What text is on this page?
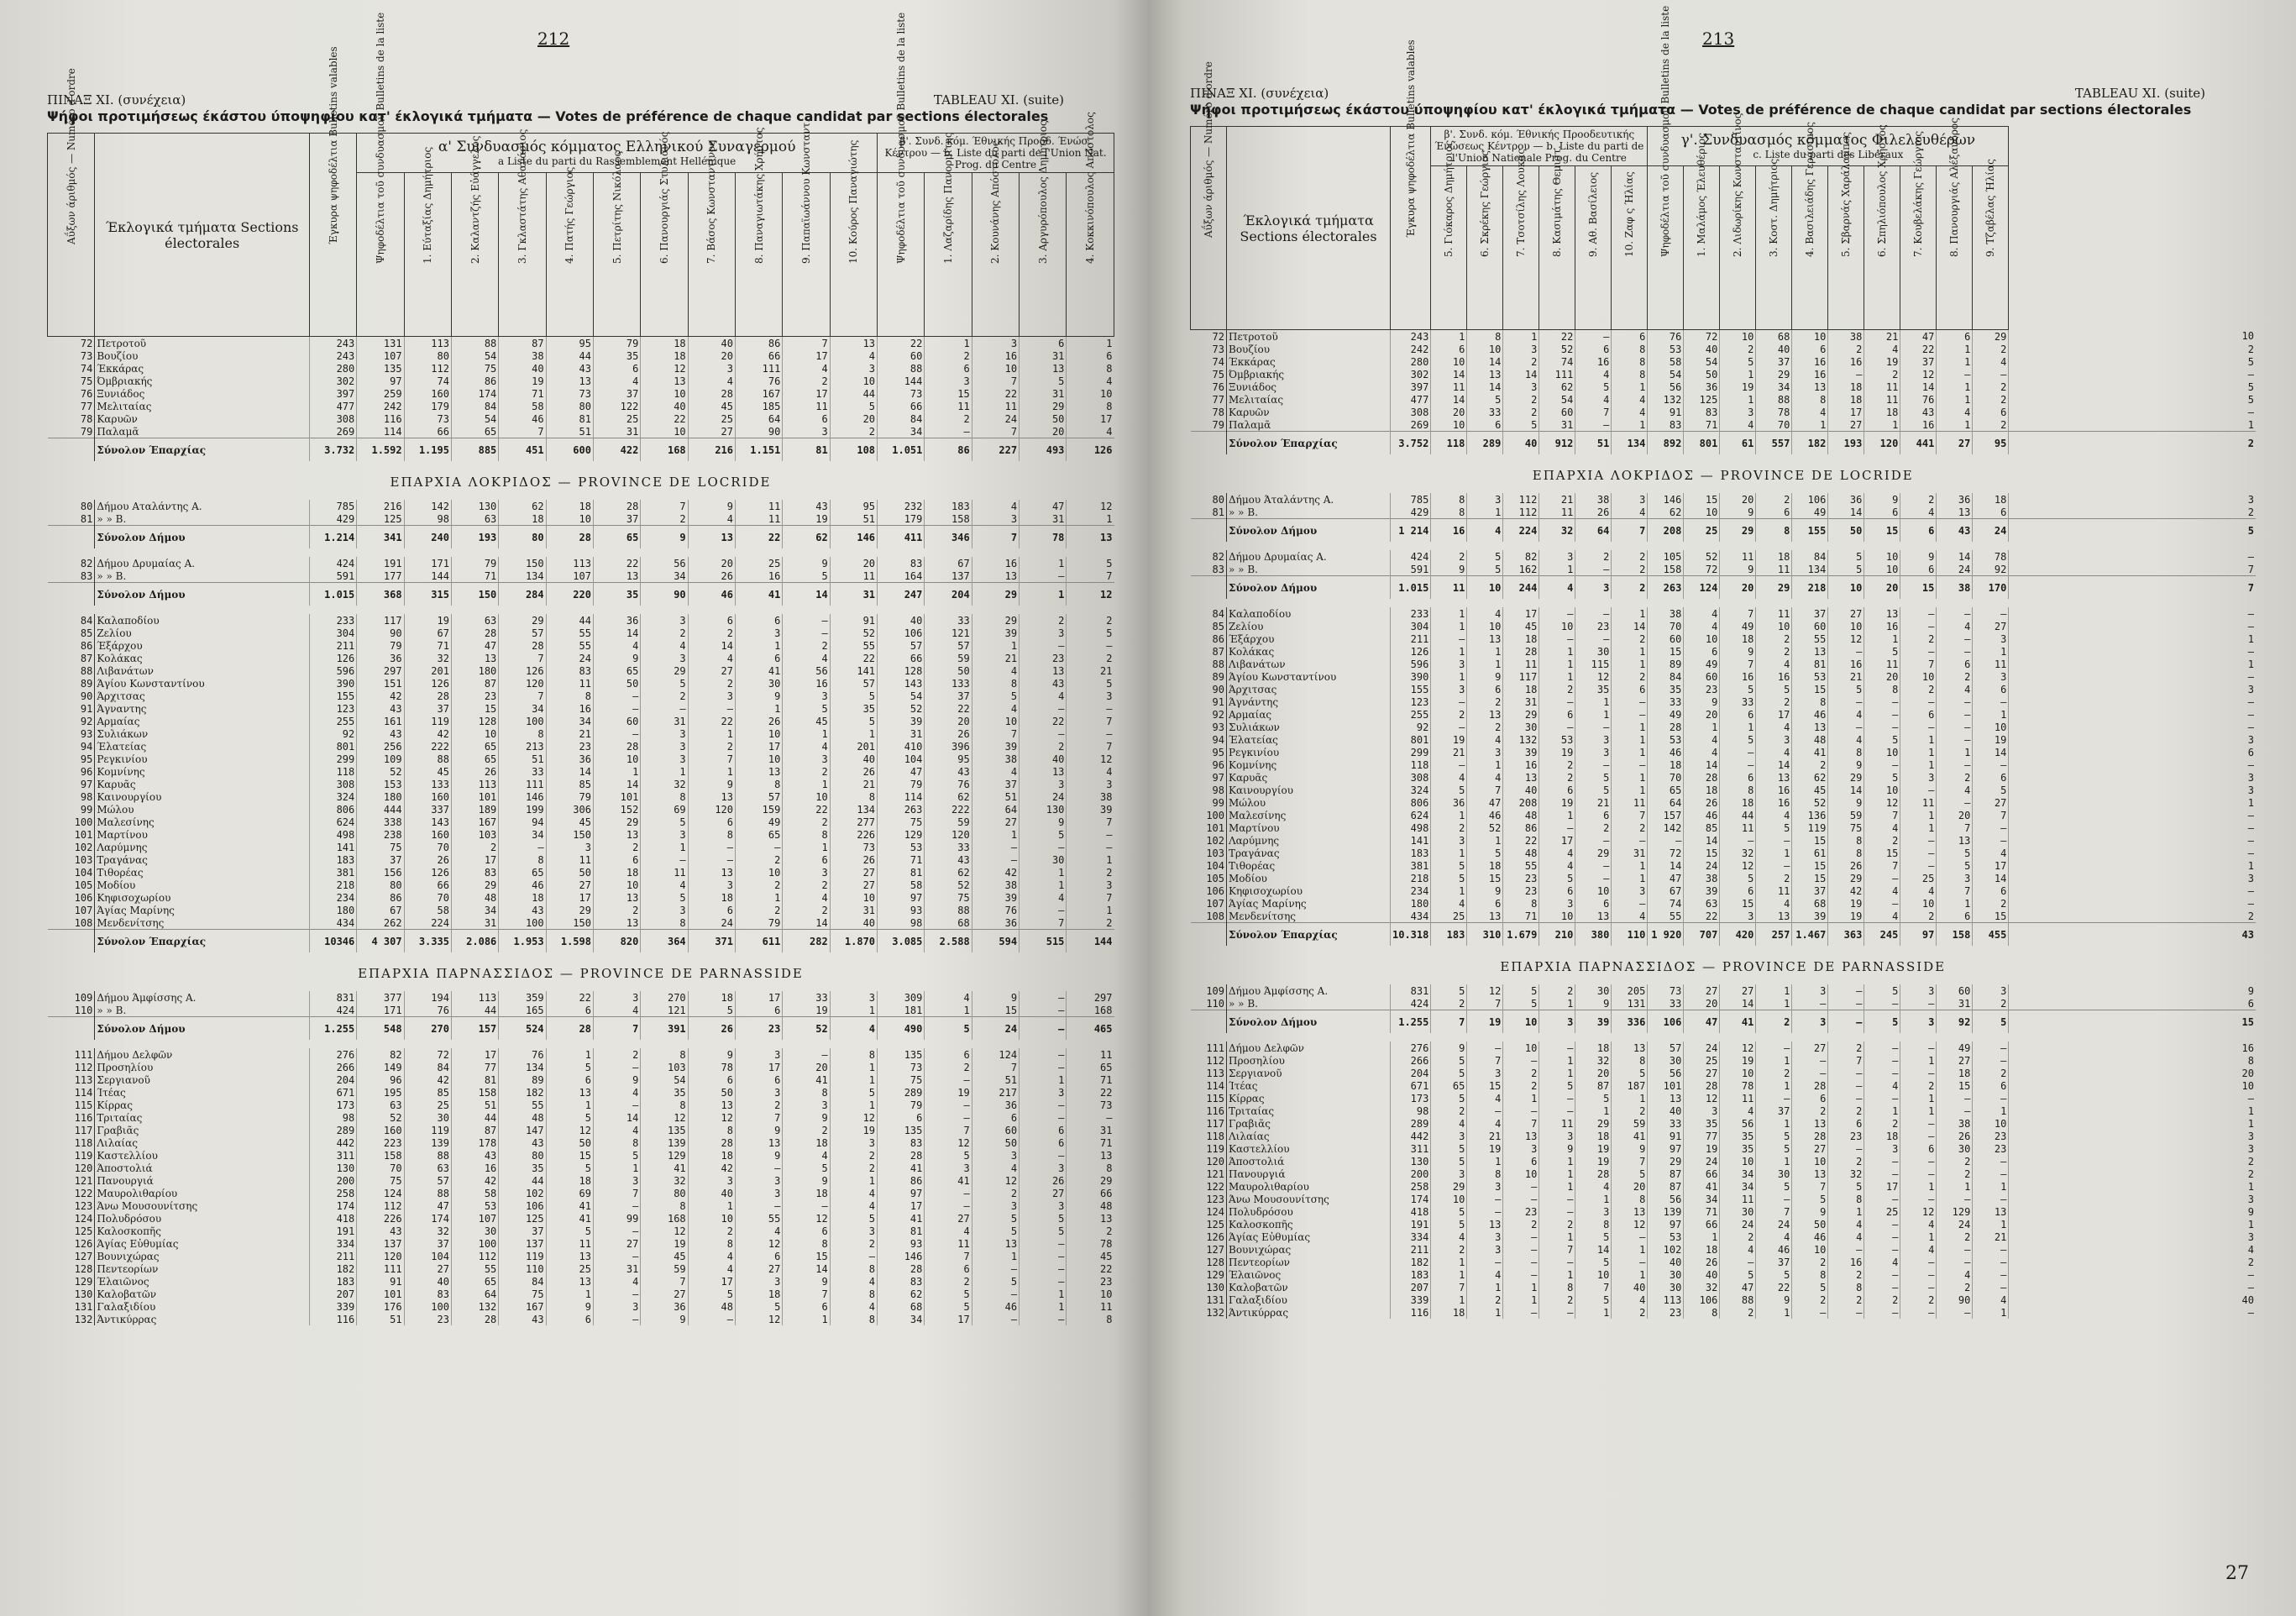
212
ΠΙΝΑΞ XI. (συνέχεια)	TABLEAU XI. (suite)
Ψήφοι προτιμήσεως έκάστου ύποψηφίου κατ' έκλογικά τμήματα — Votes de préférence de chaque candidat par sections électorales
Αΰξων άριθμός — Numéro d'ordre	Έκλογικά τμήματα Sections électorales	Έγκυρα ψηφοδέλτια Bulletins valables	α' Συνδυασμός κόμματος Ελληνικού Συναγερμού
a Liste du parti du Rassemblement Hellénique											β'. Συνδ. κόμ. Έθνικής Προοδ. Ένώσ. Κέντρου — b. Liste du parti de l'Union Nat. Prog. du Centre				

			Ψηφοδέλτια τοῦ συνδυασμοῦ Bulletins de la liste	1. Εύταξίας Δημήτριος	2. Καλαντζής Εὐάγγελος	3. Γκλαστάτης Αθανάσιος	4. Πατής Γεώργιος	5. Πετρίτης Νικόλαος	6. Πανουργιάς Στυλιανός	7. Βάσος Κωνσταντίνος	8. Παναγιωτάκης Χρήστος	9. Παπαϊωάννου Κωνσταντ.	10. Κούρος Παναγιώτης	Ψηφοδέλτια τοῦ συνδυασμοῦ Bulletins de la liste	1. Λαζαρίδης Πανορμίτης	2. Κουνάνης Απόστολος	3. Αργυρόπουλος Δημήτριος	4. Κοκκινόπουλος Απόστολος
72	Πετροτοῦ	243	131	113	88	87	95	79	18	40	86	7	13	22	1	3	6	1
73	Βουζίου	243	107	80	54	38	44	35	18	20	66	17	4	60	2	16	31	6
74	Έκκάρας	280	135	112	75	40	43	6	12	3	111	4	3	88	6	10	13	8
75	Όμβριακής	302	97	74	86	19	13	4	13	4	76	2	10	144	3	7	5	4
76	Ξυνιάδος	397	259	160	174	71	73	37	10	28	167	17	44	73	15	22	31	10
77	Μελιταίας	477	242	179	84	58	80	122	40	45	185	11	5	66	11	11	29	8
78	Καρυῶν	308	116	73	54	46	81	25	22	25	64	6	20	84	2	24	50	17
79	Παλαμᾶ	269	114	66	65	7	51	31	10	27	90	3	2	34	—	7	20	4
	Σύνολον Έπαρχίας	3.732	1.592	1.195	885	451	600	422	168	216	1.151	81	108	1.051	86	227	493	126
ΕΠΑΡΧΙΑ ΛΟΚΡΙΔΟΣ — PROVINCE DE LOCRIDE																		
80	Δήμου Αταλάντης Α.	785	216	142	130	62	18	28	7	9	11	43	95	232	183	4	47	12
81	» » Β.	429	125	98	63	18	10	37	2	4	11	19	51	179	158	3	31	1
	Σύνολον Δήμου	1.214	341	240	193	80	28	65	9	13	22	62	146	411	346	7	78	13

82	Δήμου Δρυμαίας Α.	424	191	171	79	150	113	22	56	20	25	9	20	83	67	16	1	5
83	» » Β.	591	177	144	71	134	107	13	34	26	16	5	11	164	137	13	—	7
	Σύνολον Δήμου	1.015	368	315	150	284	220	35	90	46	41	14	31	247	204	29	1	12

84	Καλαποδίου	233	117	19	63	29	44	36	3	6	6	—	91	40	33	29	2	2
85	Ζελίου	304	90	67	28	57	55	14	2	2	3	—	52	106	121	39	3	5
86	Έξάρχου	211	79	71	47	28	55	4	4	14	1	2	55	57	57	1	—	—
87	Κολάκας	126	36	32	13	7	24	9	3	4	6	4	22	66	59	21	23	2
88	Λιβανάτων	596	297	201	180	126	83	65	29	27	41	56	141	128	50	4	13	21
89	Άγίου Κωνσταντίνου	390	151	126	87	120	11	50	5	2	30	16	57	143	133	8	43	5
90	Άρχιτσας	155	42	28	23	7	8	—	2	3	9	3	5	54	37	5	4	3
91	Άγναντης	123	43	37	15	34	16	—	—	—	1	5	35	52	22	4	—	—
92	Αρμαίας	255	161	119	128	100	34	60	31	22	26	45	5	39	20	10	22	7
93	Συλιάκων	92	43	42	10	8	21	—	3	1	10	1	1	31	26	7	—	—
94	Έλατείας	801	256	222	65	213	23	28	3	2	17	4	201	410	396	39	2	7
95	Ρεγκινίου	299	109	88	65	51	36	10	3	7	10	3	40	104	95	38	40	12
96	Κομνίνης	118	52	45	26	33	14	1	1	1	13	2	26	47	43	4	13	4
97	Καρυᾶς	308	153	133	113	111	85	14	32	9	8	1	21	79	76	37	3	3
98	Καινουργίου	324	180	160	101	146	79	101	8	13	57	10	8	114	62	51	24	38
99	Μώλου	806	444	337	189	199	306	152	69	120	159	22	134	263	222	64	130	39
100	Μαλεσίνης	624	338	143	167	94	45	29	5	6	49	2	277	75	59	27	9	7
101	Μαρτίνου	498	238	160	103	34	150	13	3	8	65	8	226	129	120	1	5	—
102	Λαρύμνης	141	75	70	2	—	3	2	1	—	—	1	73	53	33	—	—	—
103	Τραγάνας	183	37	26	17	8	11	6	—	—	2	6	26	71	43	—	30	1
104	Τιθορέας	381	156	126	83	65	50	18	11	13	10	3	27	81	62	42	1	2
105	Μοδίου	218	80	66	29	46	27	10	4	3	2	2	27	58	52	38	1	3
106	Κηφισοχωρίου	234	86	70	48	18	17	13	5	18	1	4	10	97	75	39	4	7
107	Άγίας Μαρίνης	180	67	58	34	43	29	2	3	6	2	2	31	93	88	76	—	1
108	Μενδενίτσης	434	262	224	31	100	150	13	8	24	79	14	40	98	68	36	7	2
	Σύνολον Έπαρχίας	10346	4 307	3.335	2.086	1.953	1.598	820	364	371	611	282	1.870	3.085	2.588	594	515	144
ΕΠΑΡΧΙΑ ΠΑΡΝΑΣΣΙΔΟΣ — PROVINCE DE PARNASSIDE																		
109	Δήμου Άμφίσσης Α.	831	377	194	113	359	22	3	270	18	17	33	3	309	4	9	—	297
110	» » Β.	424	171	76	44	165	6	4	121	5	6	19	1	181	1	15	—	168
	Σύνολον Δήμου	1.255	548	270	157	524	28	7	391	26	23	52	4	490	5	24	—	465

111	Δήμου Δελφῶν	276	82	72	17	76	1	2	8	9	3	—	8	135	6	124	—	11
112	Προσηλίου	266	149	84	77	134	5	—	103	78	17	20	1	73	2	7	—	65
113	Σεργιανοῦ	204	96	42	81	89	6	9	54	6	6	41	1	75	—	51	1	71
114	Ίτέας	671	195	85	158	182	13	4	35	50	3	8	5	289	19	217	3	22
115	Κίρρας	173	63	25	51	55	1	—	8	13	2	3	1	79	—	36	—	73
116	Τριταίας	98	52	30	44	48	5	14	12	12	7	9	12	6	—	6	—	—
117	Γραβιᾶς	289	160	119	87	147	12	4	135	8	9	2	19	135	7	60	6	31
118	Λιλαίας	442	223	139	178	43	50	8	139	28	13	18	3	83	12	50	6	71
119	Καστελλίου	311	158	88	43	80	15	5	129	18	9	4	2	28	5	3	—	13
120	Άποστολιά	130	70	63	16	35	5	1	41	42	—	5	2	41	3	4	3	8
121	Πανουργιά	200	75	57	42	44	18	3	32	3	3	9	1	86	41	12	26	29
122	Μαυρολιθαρίου	258	124	88	58	102	69	7	80	40	3	18	4	97	—	2	27	66
123	Άνω Μουσουνίτσης	174	112	47	53	106	41	—	8	1	—	—	4	17	—	3	3	48
124	Πολυδρόσου	418	226	174	107	125	41	99	168	10	55	12	5	41	27	5	5	13
125	Καλοσκοπῆς	191	43	32	30	37	5	—	12	2	4	6	3	81	4	5	5	2
126	Άγίας Εὐθυμίας	334	137	37	100	137	11	27	19	8	12	8	2	93	11	13	—	78
127	Βουνιχώρας	211	120	104	112	119	13	—	45	4	6	15	—	146	7	1	—	45
128	Πεντεορίων	182	111	27	55	110	25	31	59	4	27	14	8	28	6	—	—	22
129	Έλαιῶνος	183	91	40	65	84	13	4	7	17	3	9	4	83	2	5	—	23
130	Καλοβατῶν	207	101	83	64	75	1	—	27	5	18	7	8	62	5	—	1	10
131	Γαλαξιδίου	339	176	100	132	167	9	3	36	48	5	6	4	68	5	46	1	11
132	Άντικύρρας	116	51	23	28	43	6	—	9	—	12	1	8	34	17	—	—	8
213
ΠΙΝΑΞ XI. (συνέχεια)	TABLEAU XI. (suite)
Ψήφοι προτιμήσεως έκάστου ύποψηφίου κατ' έκλογικά τμήματα — Votes de préférence de chaque candidat par sections électorales
Αΰξων άριθμός — Numéro d'ordre	Έκλογικά τμήματα Sections électorales	Έγκυρα ψηφοδέλτια Bulletins valables	β'. Συνδ. κόμ. Έθνικής Προοδευτικής Ένώσεως Κέντρου — b. Liste du parti de l'Union Nationale Prog. du Centre						γ'. Συνδυασμός κόμματος Φιλελευθέρων
c. Liste du parti des Libéraux										

			5. Γιόκαρος Δημήτριος	6. Σκρέκης Γεώργιος	7. Τσοτσίλης Λουκᾶς	8. Κασιμάτης Θεμιστ.	9. Αθ. Βασίλειος	10. Ζαφ ς Ήλίας	Ψηφοδέλτια τοῦ συνδυασμοῦ Bulletins de la liste	1. Μαλάμος Έλευθέριος	2. Λιδωρίκης Κωνσταντίνος	3. Κοστ. Δημήτριος	4. Βασιλειάδης Γεράσιμος	5. Σβαρνάς Χαράλαμπος	6. Σπηλιόπουλος Χρῆστος	7. Κουβελάκης Γεώργιος	8. Πανουργιάς Αλέξανδρος	9. Τζαβέλας Ήλίας	
72	Πετροτοῦ	243	1	8	1	22	—	6	76	72	10	68	10	38	21	47	6	29	10
73	Βουζίου	242	6	10	3	52	6	8	53	40	2	40	6	2	4	22	1	2	2
74	Έκκάρας	280	10	14	2	74	16	8	58	54	5	37	16	16	19	37	1	4	5
75	Όμβριακής	302	14	13	14	111	4	8	54	50	1	29	16	—	2	12	—	—	—
76	Ξυνιάδος	397	11	14	3	62	5	1	56	36	19	34	13	18	11	14	1	2	5
77	Μελιταίας	477	14	5	2	54	4	4	132	125	1	88	8	18	11	76	1	2	5
78	Καρυῶν	308	20	33	2	60	7	4	91	83	3	78	4	17	18	43	4	6	—
79	Παλαμᾶ	269	10	6	5	31	—	1	83	71	4	70	1	27	1	16	1	2	1
	Σύνολον Έπαρχίας	3.752	118	289	40	912	51	134	892	801	61	557	182	193	120	441	27	95	2
ΕΠΑΡΧΙΑ ΛΟΚΡΙΔΟΣ — PROVINCE DE LOCRIDE																			
80	Δήμου Άταλάντης Α.	785	8	3	112	21	38	3	146	15	20	2	106	36	9	2	36	18	3
81	» » Β.	429	8	1	112	11	26	4	62	10	9	6	49	14	6	4	13	6	2
	Σύνολον Δήμου	1 214	16	4	224	32	64	7	208	25	29	8	155	50	15	6	43	24	5

82	Δήμου Δρυμαίας Α.	424	2	5	82	3	2	2	105	52	11	18	84	5	10	9	14	78	—
83	» » Β.	591	9	5	162	1	—	2	158	72	9	11	134	5	10	6	24	92	7
	Σύνολον Δήμου	1.015	11	10	244	4	3	2	263	124	20	29	218	10	20	15	38	170	7

84	Καλαποδίου	233	1	4	17	—	—	1	38	4	7	11	37	27	13	—	—	—	—
85	Ζελίου	304	1	10	45	10	23	14	70	4	49	10	60	10	16	—	4	27	—
86	Έξάρχου	211	—	13	18	—	—	2	60	10	18	2	55	12	1	2	—	3	1
87	Κολάκας	126	1	1	28	1	30	1	15	6	9	2	13	—	5	—	—	1	—
88	Λιβανάτων	596	3	1	11	1	115	1	89	49	7	4	81	16	11	7	6	11	1
89	Άγίου Κωνσταντίνου	390	1	9	117	1	12	2	84	60	16	16	53	21	20	10	2	3	—
90	Άρχιτσας	155	3	6	18	2	35	6	35	23	5	5	15	5	8	2	4	6	3
91	Άγνάντης	123	—	2	31	—	1	—	33	9	33	2	8	—	—	—	—	—	—
92	Αρμαίας	255	2	13	29	6	1	—	49	20	6	17	46	4	—	6	—	1	—
93	Συλιάκων	92	—	2	30	—	—	1	28	1	1	4	13	—	—	—	—	10	—
94	Έλατείας	801	19	4	132	53	3	1	53	4	5	3	48	4	5	1	—	19	3
95	Ρεγκινίου	299	21	3	39	19	3	1	46	4	—	4	41	8	10	1	1	14	6
96	Κομνίνης	118	—	1	16	2	—	—	18	14	—	14	2	9	—	1	—	—	—
97	Καρυᾶς	308	4	4	13	2	5	1	70	28	6	13	62	29	5	3	2	6	3
98	Καινουργίου	324	5	7	40	6	5	1	65	18	8	16	45	14	10	—	4	5	3
99	Μώλου	806	36	47	208	19	21	11	64	26	18	16	52	9	12	11	—	27	1
100	Μαλεσίνης	624	1	46	48	1	6	7	157	46	44	4	136	59	7	1	20	7	—
101	Μαρτίνου	498	2	52	86	—	2	2	142	85	11	5	119	75	4	1	7	—	—
102	Λαρύμνης	141	3	1	22	17	—	—	—	14	—	—	15	8	2	—	13	—	—
103	Τραγάνας	183	1	5	48	4	29	31	72	15	32	1	61	8	15	—	5	4	—
104	Τιθορέας	381	5	18	55	4	—	1	14	24	12	—	15	26	7	—	5	17	1
105	Μοδίου	218	5	15	23	5	—	1	47	38	5	2	15	29	—	25	3	14	3
106	Κηφισοχωρίου	234	1	9	23	6	10	3	67	39	6	11	37	42	4	4	7	6	—
107	Άγίας Μαρίνης	180	4	6	8	3	6	—	74	63	15	4	68	19	—	10	1	2	—
108	Μενδενίτσης	434	25	13	71	10	13	4	55	22	3	13	39	19	4	2	6	15	2
	Σύνολον Έπαρχίας	10.318	183	310	1.679	210	380	110	1 920	707	420	257	1.467	363	245	97	158	455	43
ΕΠΑΡΧΙΑ ΠΑΡΝΑΣΣΙΔΟΣ — PROVINCE DE PARNASSIDE																			
109	Δήμου Άμφίσσης Α.	831	5	12	5	2	30	205	73	27	27	1	3	—	5	3	60	3	9
110	» » Β.	424	2	7	5	1	9	131	33	20	14	1	—	—	—	—	31	2	6
	Σύνολον Δήμου	1.255	7	19	10	3	39	336	106	47	41	2	3	—	5	3	92	5	15

111	Δήμου Δελφῶν	276	9	—	10	—	18	13	57	24	12	—	27	2	—	—	49	—	16
112	Προσηλίου	266	5	7	—	1	32	8	30	25	19	1	—	7	—	1	27	—	8
113	Σεργιανοῦ	204	5	3	2	1	20	5	56	27	10	2	—	—	—	—	18	2	20
114	Ίτέας	671	65	15	2	5	87	187	101	28	78	1	28	—	4	2	15	6	10
115	Κίρρας	173	5	4	1	—	5	1	13	12	11	—	6	—	—	1	—	—	—
116	Τριταίας	98	2	—	—	—	1	2	40	3	4	37	2	2	1	1	—	1	1
117	Γραβιᾶς	289	4	4	7	11	29	59	33	35	56	1	13	6	2	—	38	10	1
118	Λιλαίας	442	3	21	13	3	18	41	91	77	35	5	28	23	18	—	26	23	3
119	Καστελλίου	311	5	19	3	9	19	9	97	19	35	5	27	—	3	6	30	23	3
120	Άποστολιά	130	5	1	6	1	19	7	29	24	10	1	10	2	—	—	2	—	2
121	Πανουργιά	200	3	8	10	1	28	5	87	66	34	30	13	32	—	—	2	—	2
122	Μαυρολιθαρίου	258	29	3	—	1	4	20	87	41	34	5	7	5	17	1	1	1	1
123	Άνω Μουσουνίτσης	174	10	—	—	—	1	8	56	34	11	—	5	8	—	—	—	—	3
124	Πολυδρόσου	418	5	—	23	—	3	13	139	71	30	7	9	1	25	12	129	13	9
125	Καλοσκοπῆς	191	5	13	2	2	8	12	97	66	24	24	50	4	—	4	24	1	1
126	Άγίας Εὐθυμίας	334	4	3	—	1	5	—	53	1	2	4	46	4	—	1	2	21	3
127	Βουνιχώρας	211	2	3	—	7	14	1	102	18	4	46	10	—	—	4	—	—	4
128	Πεντεορίων	182	1	—	—	—	5	—	40	26	—	37	2	16	4	—	—	—	2
129	Έλαιῶνος	183	1	4	—	1	10	1	30	40	5	5	8	2	—	—	4	—	—
130	Καλοβατῶν	207	7	1	1	8	7	40	30	32	47	22	5	8	—	—	2	—	—
131	Γαλαξιδίου	339	1	2	1	2	5	4	113	106	88	9	2	2	2	2	90	4	40
132	Άντικύρρας	116	18	1	—	—	1	2	23	8	2	1	—	—	—	—	—	1	—
27
